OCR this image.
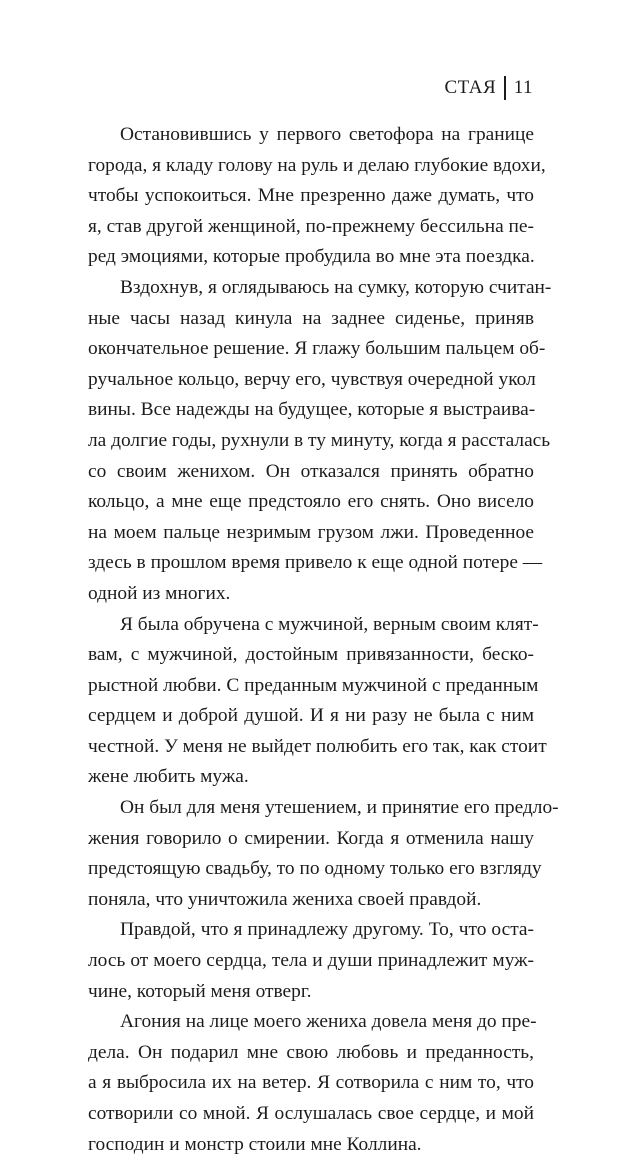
СТАЯ 11

Остановившись у первого светофора на границе
города, я кладу голову на руль и делаю глубокие вдохи,
чтобы успокоиться. Мне презренно даже думать, что
я, став другой женщиной, по-прежнему бессильна пе-
ред эмоциями, которые пробудила во мне эта поездка.

Вздохнув, я оглядываюсь на сумку, которую считан-
ные часы назад кинула на заднее сиденье, приняв
окончательное решение. Я глажу большим пальцем об-
ручальное кольцо, верчу его, чувствуя очередной укол
вины. Все надежды на будущее, которые я выстраива-
ла долгие годы, рухнули в ту минуту, когда я рассталась
со своим женихом. Он отказался принять обратно
кольцо, а мне еще предстояло его снять. Оно висело
на моем пальце незримым грузом лжи. Проведенное
здесь в прошлом время привело к еще одной потере —
одной из многих.

Я была обручена с мужчиной, верным своим клят-
вам, с мужчиной, достойным привязанности, беско-
рыстной любви. С преданным мужчиной с преданным
сердцем и доброй душой. И я ни разу не была с ним
честной. У меня не выйдет полюбить его так, как стоит
жене любить мужа.

Он был для меня утешением, и принятие его предло-
жения говорило о смирении. Когда я отменила нашу
предстоящую свадьбу, то по одному только его взгляду
поняла, что уничтожила жениха своей правдой.

Правдой, что я принадлежу другому. То, что оста-
лось от моего сердца, тела и души принадлежит муж-
чине, который меня отверг.

Агония на лице моего жениха довела меня до пре-
дела. Он подарил мне свою любовь и преданность,
а я выбросила их на ветер. Я сотворила с ним то, что
сотворили со мной. Я ослушалась свое сердце, и мой
господин и монстр стоили мне Коллина.
